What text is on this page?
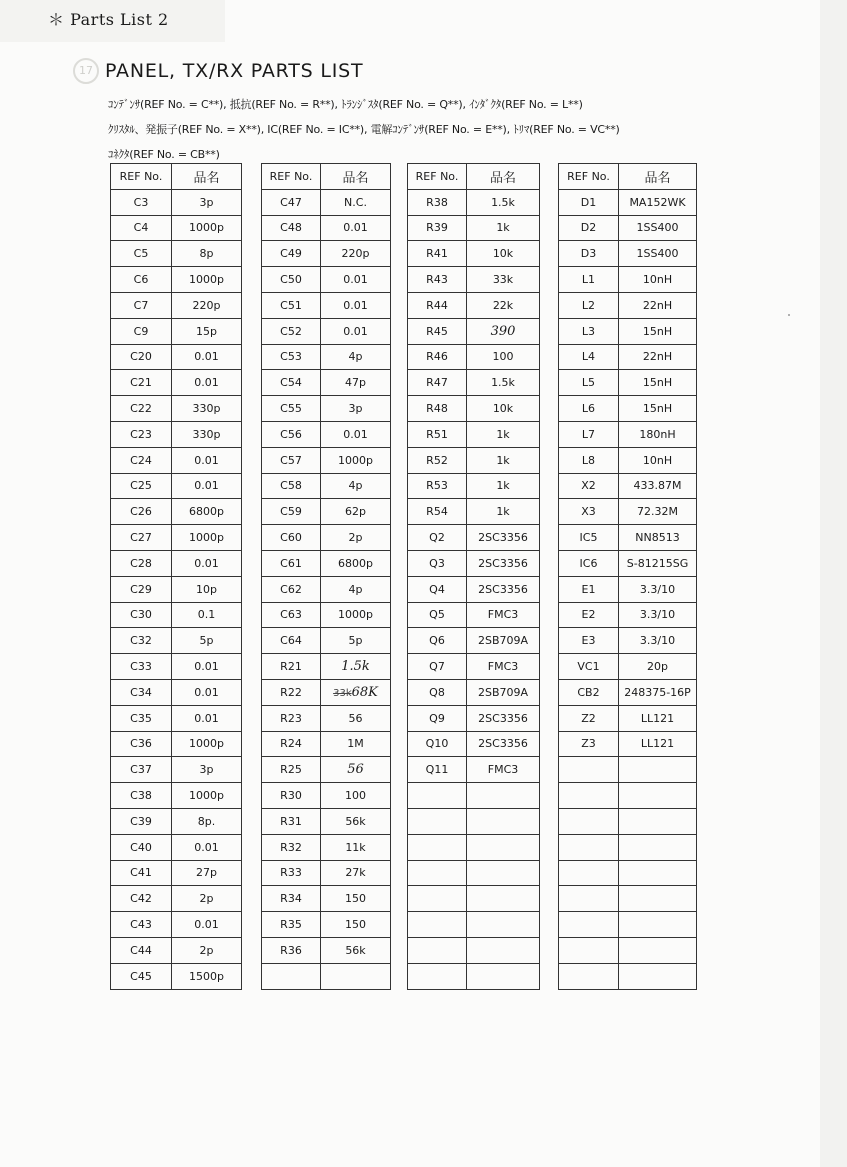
＊ Parts List 2
17 PANEL, TX/RX PARTS LIST
ｺﾝﾃﾞﾝｻ(REF No. = C**), 抵抗(REF No. = R**), ﾄﾗﾝｼﾞｽﾀ(REF No. = Q**), ｲﾝﾀﾞｸﾀ(REF No. = L**)
ｸﾘｽﾀﾙ、発振子(REF No. = X**), IC(REF No. = IC**), 電解ｺﾝﾃﾞﾝｻ(REF No. = E**), ﾄﾘﾏ(REF No. = VC**)
ｺﾈｸﾀ(REF No. = CB**)
REF No.	品名		REF No.	品名		REF No.	品名		REF No.	品名
C3	3p		C47	N.C.		R38	1.5k		D1	MA152WK
C4	1000p		C48	0.01		R39	1k		D2	1SS400
C5	8p		C49	220p		R41	10k		D3	1SS400
C6	1000p		C50	0.01		R43	33k		L1	10nH
C7	220p		C51	0.01		R44	22k		L2	22nH
C9	15p		C52	0.01		R45	390		L3	15nH
C20	0.01		C53	4p		R46	100		L4	22nH
C21	0.01		C54	47p		R47	1.5k		L5	15nH
C22	330p		C55	3p		R48	10k		L6	15nH
C23	330p		C56	0.01		R51	1k		L7	180nH
C24	0.01		C57	1000p		R52	1k		L8	10nH
C25	0.01		C58	4p		R53	1k		X2	433.87M
C26	6800p		C59	62p		R54	1k		X3	72.32M
C27	1000p		C60	2p		Q2	2SC3356		IC5	NN8513
C28	0.01		C61	6800p		Q3	2SC3356		IC6	S-81215SG
C29	10p		C62	4p		Q4	2SC3356		E1	3.3/10
C30	0.1		C63	1000p		Q5	FMC3		E2	3.3/10
C32	5p		C64	5p		Q6	2SB709A		E3	3.3/10
C33	0.01		R21	1.5k		Q7	FMC3		VC1	20p
C34	0.01		R22	33k68K		Q8	2SB709A		CB2	248375-16P
C35	0.01		R23	56		Q9	2SC3356		Z2	LL121
C36	1000p		R24	1M		Q10	2SC3356		Z3	LL121
C37	3p		R25	56		Q11	FMC3			
C38	1000p		R30	100						
C39	8p.		R31	56k						
C40	0.01		R32	11k						
C41	27p		R33	27k						
C42	2p		R34	150						
C43	0.01		R35	150						
C44	2p		R36	56k						
C45	1500p									
